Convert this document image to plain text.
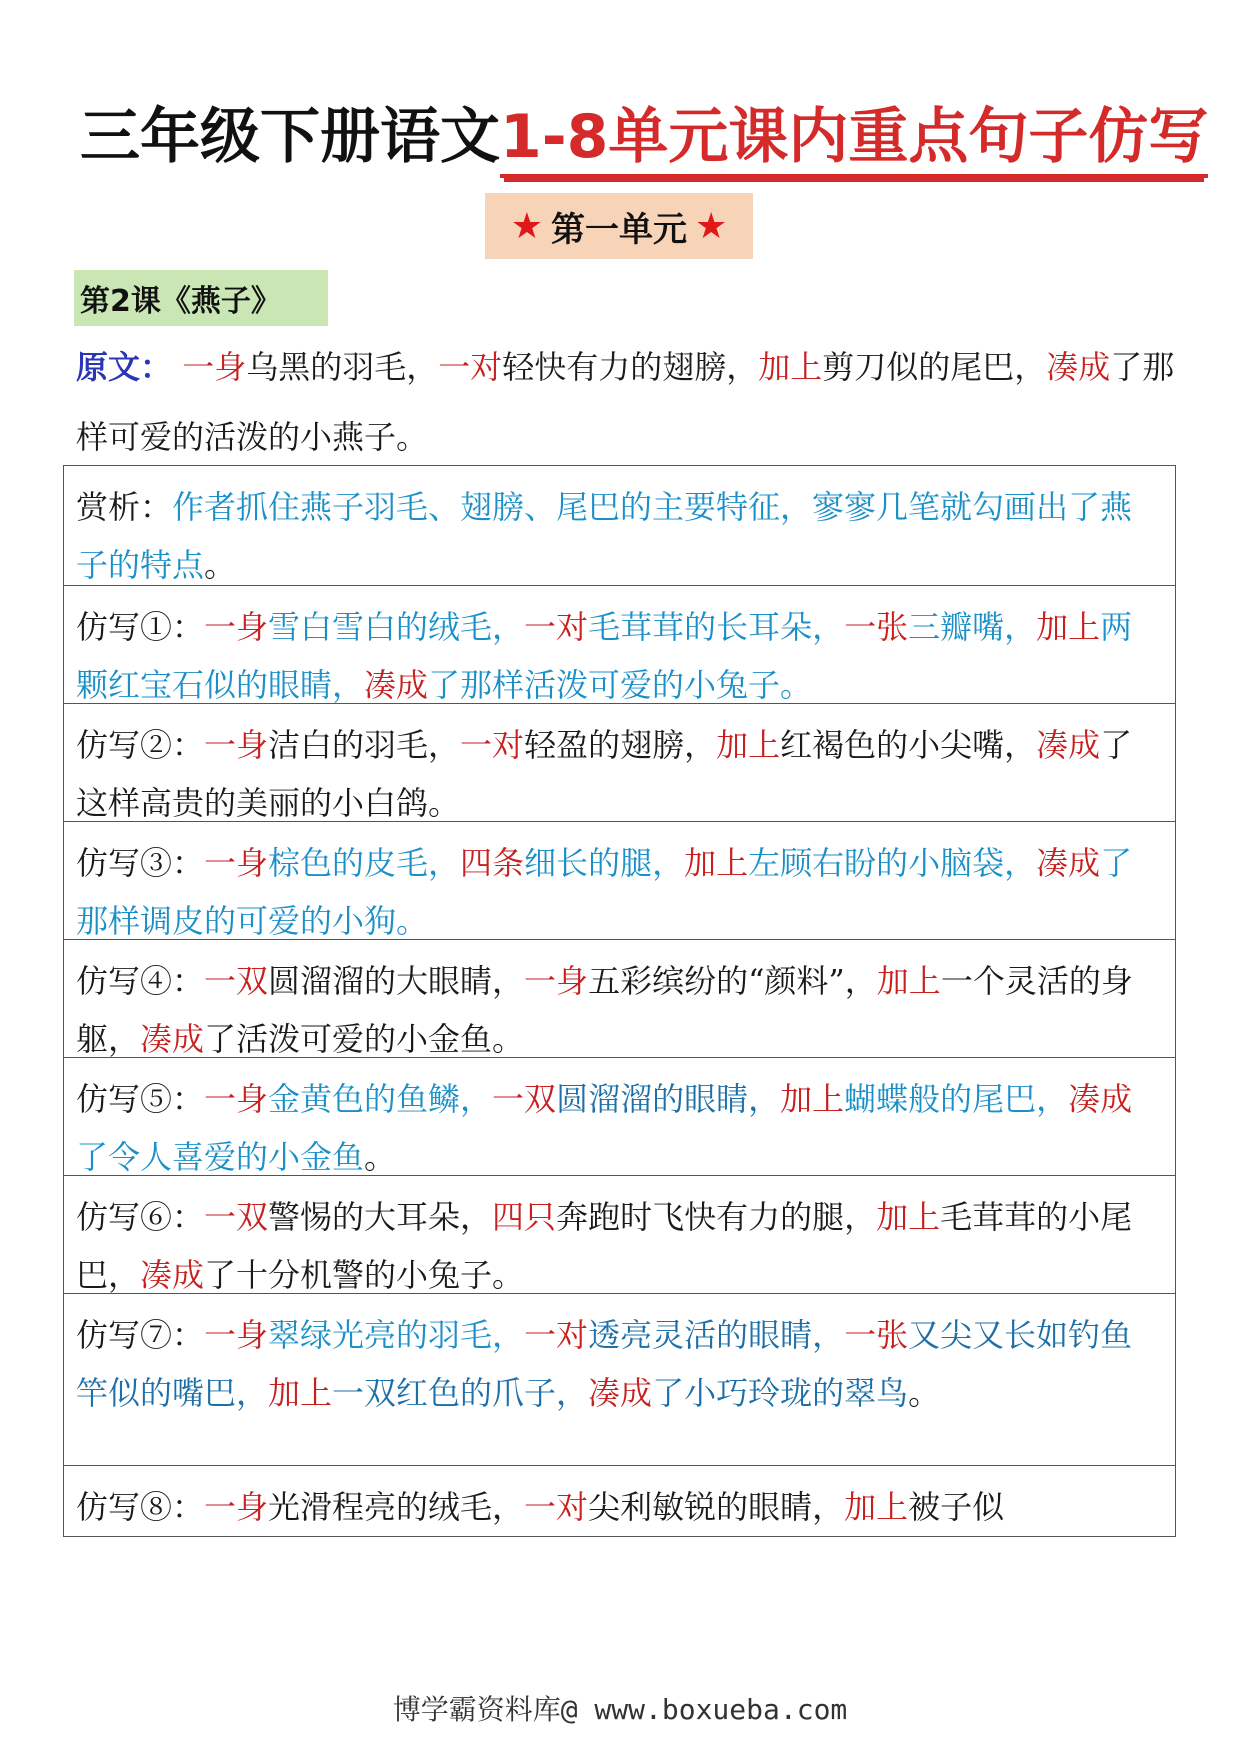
三年级下册语文1-8单元课内重点句子仿写
★ 第一单元 ★
第2课《燕子》
原文： 一身乌黑的羽毛，一对轻快有力的翅膀，加上剪刀似的尾巴，凑成了那样可爱的活泼的小燕子。
赏析：作者抓住燕子羽毛、翅膀、尾巴的主要特征，寥寥几笔就勾画出了燕子的特点。
仿写①：一身雪白雪白的绒毛，一对毛茸茸的长耳朵，一张三瓣嘴，加上两颗红宝石似的眼睛，凑成了那样活泼可爱的小兔子。
仿写②：一身洁白的羽毛，一对轻盈的翅膀，加上红褐色的小尖嘴，凑成了这样高贵的美丽的小白鸽。
仿写③：一身棕色的皮毛，四条细长的腿，加上左顾右盼的小脑袋，凑成了那样调皮的可爱的小狗。
仿写④：一双圆溜溜的大眼睛，一身五彩缤纷的“颜料”，加上一个灵活的身躯，凑成了活泼可爱的小金鱼。
仿写⑤：一身金黄色的鱼鳞，一双圆溜溜的眼睛，加上蝴蝶般的尾巴，凑成了令人喜爱的小金鱼。
仿写⑥：一双警惕的大耳朵，四只奔跑时飞快有力的腿，加上毛茸茸的小尾巴，凑成了十分机警的小兔子。
仿写⑦：一身翠绿光亮的羽毛，一对透亮灵活的眼睛，一张又尖又长如钓鱼竿似的嘴巴，加上一双红色的爪子，凑成了小巧玲珑的翠鸟。
仿写⑧：一身光滑程亮的绒毛，一对尖利敏锐的眼睛，加上被子似
博学霸资料库@ www.boxueba.com
